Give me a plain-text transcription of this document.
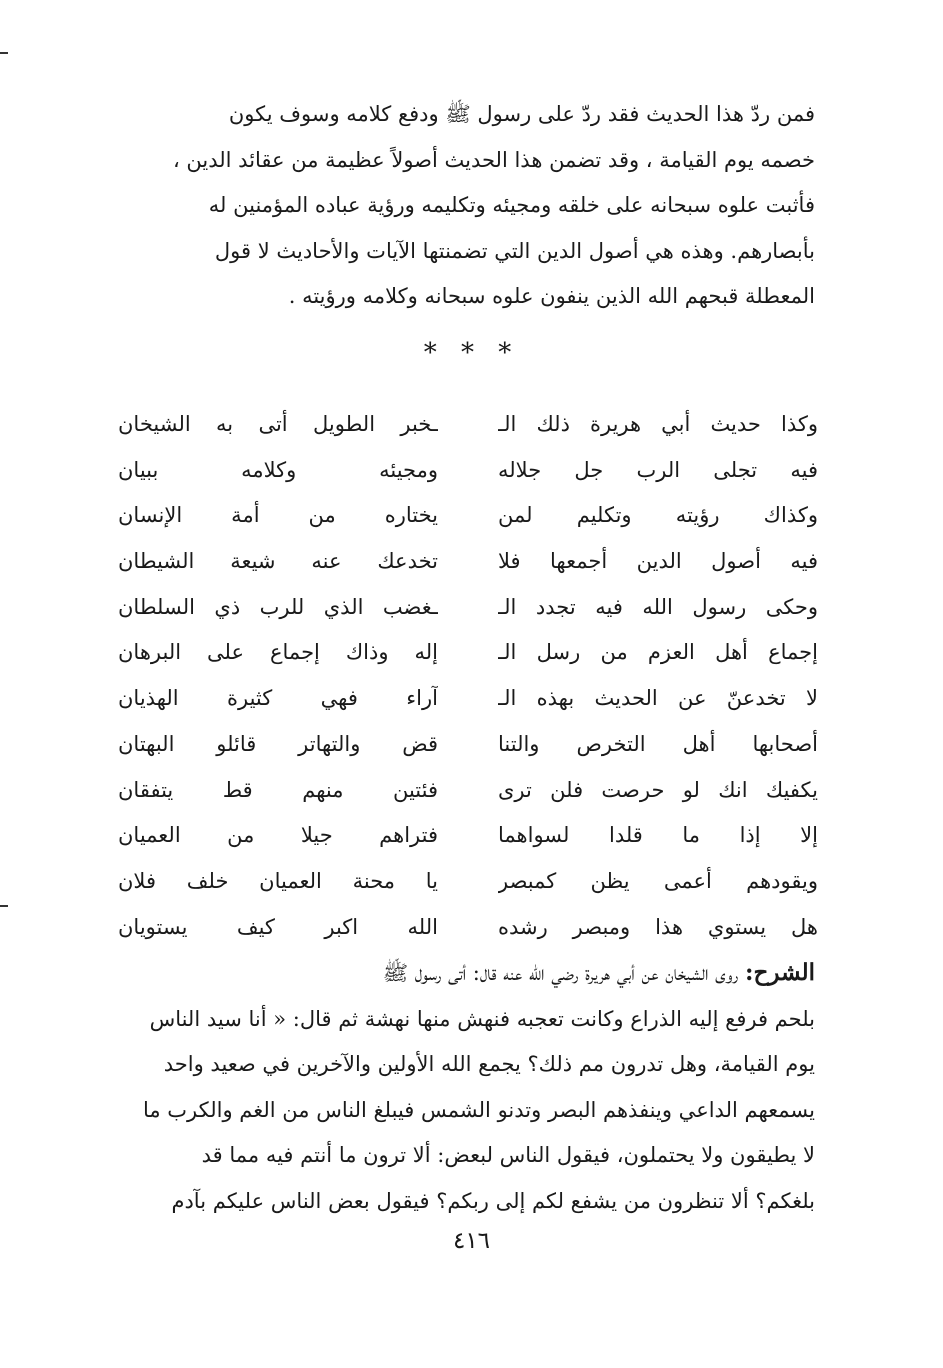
فمن ردّ هذا الحديث فقد ردّ على رسول ﷺ ودفع كلامه وسوف يكون
خصمه يوم القيامة ، وقد تضمن هذا الحديث أصولاً عظيمة من عقائد الدين ،
فأثبت علوه سبحانه على خلقه ومجيئه وتكليمه ورؤية عباده المؤمنين له
بأبصارهم. وهذه هي أصول الدين التي تضمنتها الآيات والأحاديث لا قول
المعطلة قبحهم الله الذين ينفون علوه سبحانه وكلامه ورؤيته .
* * *
وكذا حديث أبي هريرة ذلك الـ
ـخبر الطويل أتى به الشيخان
فيه تجلى الرب جل جلاله
ومجيئه وكلامه ببيان
وكذاك رؤيته وتكليم لمن
يختاره من أمة الإنسان
فيه أصول الدين أجمعها فلا
تخدعك عنه شيعة الشيطان
وحكى رسول الله فيه تجدد الـ
ـغضب الذي للرب ذي السلطان
إجماع أهل العزم من رسل الـ
إله وذاك إجماع على البرهان
لا تخدعنّ عن الحديث بهذه الـ
آراء فهي كثيرة الهذيان
أصحابها أهل التخرص والتنا
قض والتهاتر قائلو البهتان
يكفيك انك لو حرصت فلن ترى
فئتين منهم قط يتفقان
إلا إذا ما قلدا لسواهما
فتراهم جيلا من العميان
ويقودهم أعمى يظن كمبصر
يا محنة العميان خلف فلان
هل يستوي هذا ومبصر رشده
الله اكبر كيف يستويان
الشرح: روى الشيخان عن أبي هريرة رضي الله عنه قال: أتى رسول ﷺ
بلحم فرفع إليه الذراع وكانت تعجبه فنهش منها نهشة ثم قال: « أنا سيد الناس
يوم القيامة، وهل تدرون مم ذلك؟ يجمع الله الأولين والآخرين في صعيد واحد
يسمعهم الداعي وينفذهم البصر وتدنو الشمس فيبلغ الناس من الغم والكرب ما
لا يطيقون ولا يحتملون، فيقول الناس لبعض: ألا ترون ما أنتم فيه مما قد
بلغكم؟ ألا تنظرون من يشفع لكم إلى ربكم؟ فيقول بعض الناس عليكم بآدم
٤١٦
